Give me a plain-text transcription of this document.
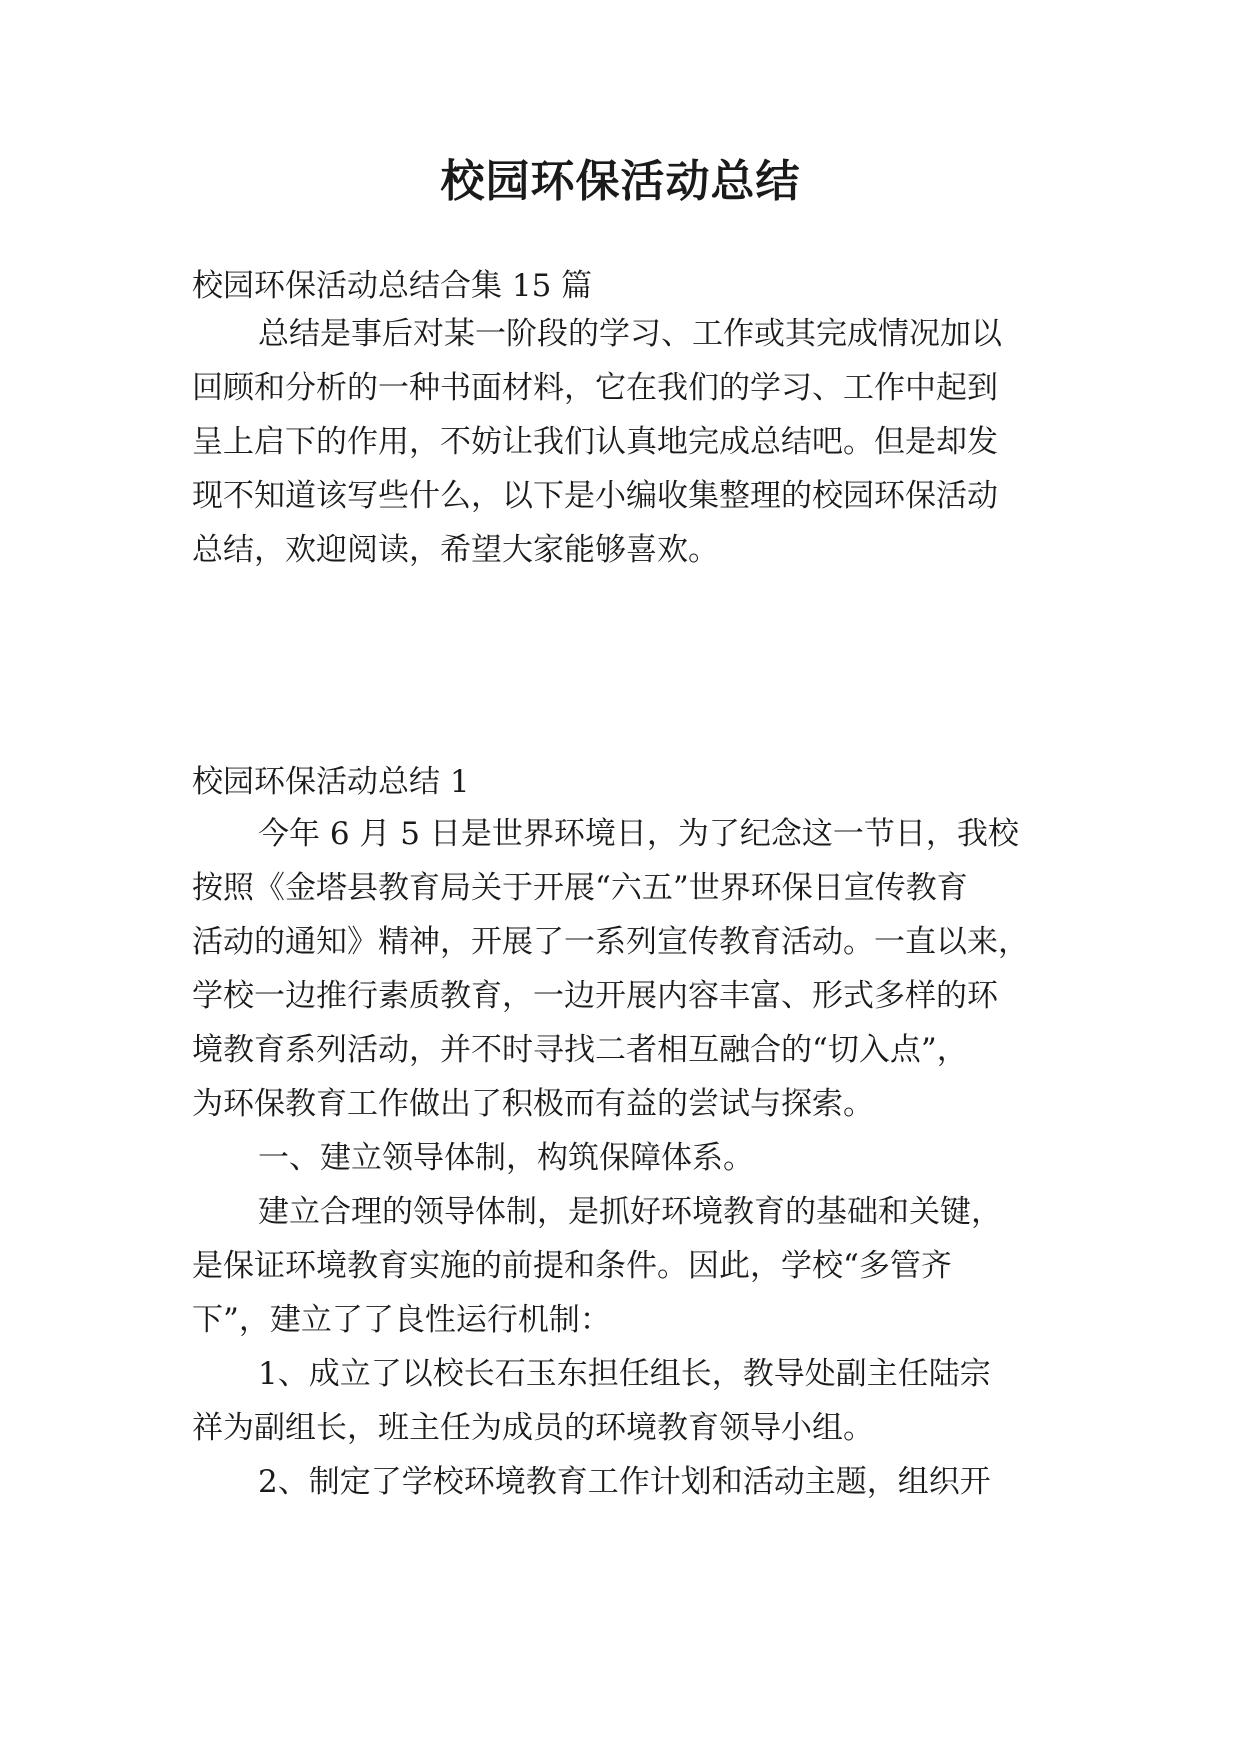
校园环保活动总结

校园环保活动总结合集 15 篇

总结是事后对某一阶段的学习、工作或其完成情况加以

回顾和分析的一种书面材料，它在我们的学习、工作中起到

呈上启下的作用，不妨让我们认真地完成总结吧。但是却发

现不知道该写些什么，以下是小编收集整理的校园环保活动

总结，欢迎阅读，希望大家能够喜欢。

校园环保活动总结 1

今年 6 月 5 日是世界环境日，为了纪念这一节日，我校

按照《金塔县教育局关于开展“六五”世界环保日宣传教育

活动的通知》精神，开展了一系列宣传教育活动。一直以来，

学校一边推行素质教育，一边开展内容丰富、形式多样的环

境教育系列活动，并不时寻找二者相互融合的“切入点”，

为环保教育工作做出了积极而有益的尝试与探索。

一、建立领导体制，构筑保障体系。

建立合理的领导体制，是抓好环境教育的基础和关键，

是保证环境教育实施的前提和条件。因此，学校“多管齐

下”，建立了了良性运行机制：

1、成立了以校长石玉东担任组长，教导处副主任陆宗

祥为副组长，班主任为成员的环境教育领导小组。

2、制定了学校环境教育工作计划和活动主题，组织开
